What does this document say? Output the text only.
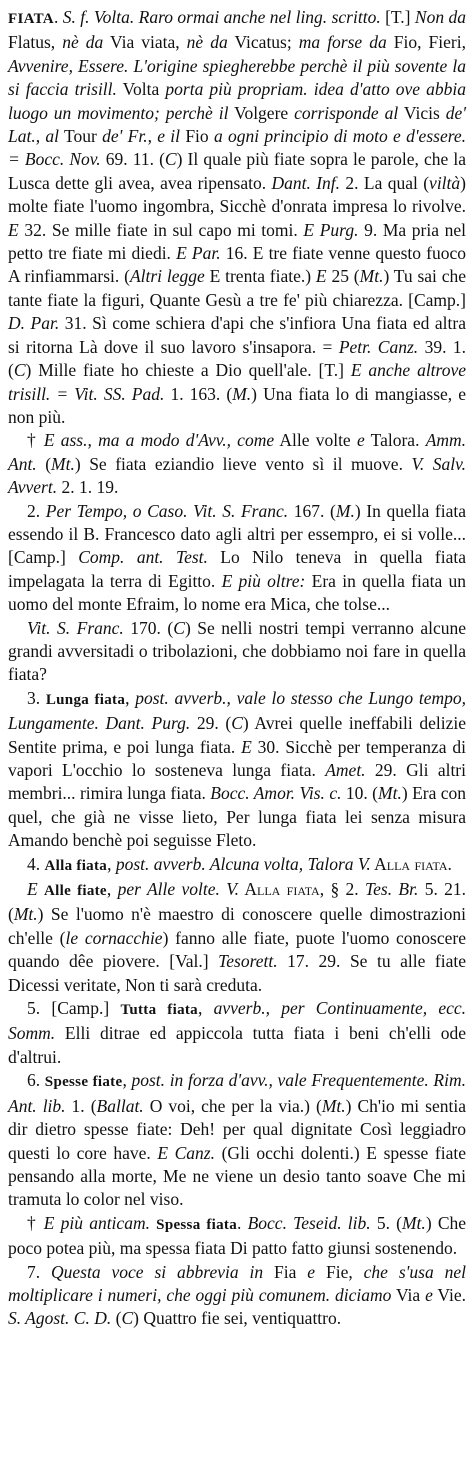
FIATA. S. f. Volta. Raro ormai anche nel ling. scritto. [T.] Non da Flatus, nè da Via viata, nè da Vicatus; ma forse da Fio, Fieri, Avvenire, Essere. L'origine spiegherebbe perchè il più sovente la si faccia trisill. Volta porta più propriam. idea d'atto ove abbia luogo un movimento; perchè il Volgere corrisponde al Vicis de' Lat., al Tour de' Fr., e il Fio a ogni principio di moto e d'essere. = Bocc. Nov. 69. 11. (C) Il quale più fiate sopra le parole, che la Lusca dette gli avea, avea ripensato. Dant. Inf. 2. La qual (viltà) molte fiate l'uomo ingombra, Sicchè d'onrata impresa lo rivolve. E 32. Se mille fiate in sul capo mi tomi. E Purg. 9. Ma pria nel petto tre fiate mi diedi. E Par. 16. E tre fiate venne questo fuoco A rinfiammarsi. (Altri legge E trenta fiate.) E 25 (Mt.) Tu sai che tante fiate la figuri, Quante Gesù a tre fe' più chiarezza. [Camp.] D. Par. 31. Sì come schiera d'api che s'infiora Una fiata ed altra si ritorna Là dove il suo lavoro s'insapora. = Petr. Canz. 39. 1. (C) Mille fiate ho chieste a Dio quell'ale. [T.] E anche altrove trisill. = Vit. SS. Pad. 1. 163. (M.) Una fiata lo di mangiasse, e non più.

† E ass., ma a modo d'Avv., come Alle volte e Talora. Amm. Ant. (Mt.) Se fiata eziandio lieve vento sì il muove. V. Salv. Avvert. 2. 1. 19.

2. Per Tempo, o Caso. Vit. S. Franc. 167. (M.) In quella fiata essendo il B. Francesco dato agli altri per essempro, ei si volle... [Camp.] Comp. ant. Test. Lo Nilo teneva in quella fiata impelagata la terra di Egitto. E più oltre: Era in quella fiata un uomo del monte Efraim, lo nome era Mica, che tolse...

Vit. S. Franc. 170. (C) Se nelli nostri tempi verranno alcune grandi avversitadi o tribolazioni, che dobbiamo noi fare in quella fiata?

3. Lunga fiata, post. avverb., vale lo stesso che Lungo tempo, Lungamente. Dant. Purg. 29. (C) Avrei quelle ineffabili delizie Sentite prima, e poi lunga fiata. E 30. Sicchè per temperanza di vapori L'occhio lo sosteneva lunga fiata. Amet. 29. Gli altri membri... rimira lunga fiata. Bocc. Amor. Vis. c. 10. (Mt.) Era con quel, che già ne visse lieto, Per lunga fiata lei senza misura Amando benchè poi seguisse Fleto.

4. Alla fiata, post. avverb. Alcuna volta, Talora V. Alla fiata.

E Alle fiate, per Alle volte. V. Alla fiata, § 2. Tes. Br. 5. 21. (Mt.) Se l'uomo n'è maestro di conoscere quelle dimostrazioni ch'elle (le cornacchie) fanno alle fiate, puote l'uomo conoscere quando dêe piovere. [Val.] Tesorett. 17. 29. Se tu alle fiate Dicessi veritate, Non ti sarà creduta.

5. [Camp.] Tutta fiata, avverb., per Continuamente, ecc. Somm. Elli ditrae ed appiccola tutta fiata i beni ch'elli ode d'altrui.

6. Spesse fiate, post. in forza d'avv., vale Frequentemente. Rim. Ant. lib. 1. (Ballat. O voi, che per la via.) (Mt.) Ch'io mi sentia dir dietro spesse fiate: Deh! per qual dignitate Così leggiadro questi lo core have. E Canz. (Gli occhi dolenti.) E spesse fiate pensando alla morte, Me ne viene un desio tanto soave Che mi tramuta lo color nel viso.

† E più anticam. Spessa fiata. Bocc. Teseid. lib. 5. (Mt.) Che poco potea più, ma spessa fiata Di patto fatto giunsi sostenendo.

7. Questa voce si abbrevia in Fia e Fie, che s'usa nel moltiplicare i numeri, che oggi più comunem. diciamo Via e Vie. S. Agost. C. D. (C) Quattro fie sei, ventiquattro.
